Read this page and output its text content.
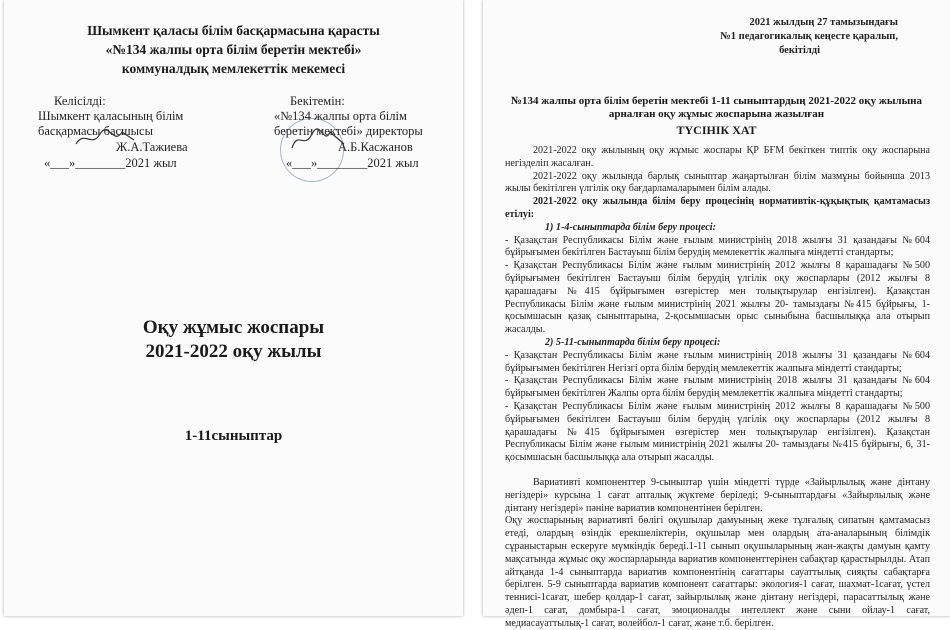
Шымкент қаласы білім басқармасына қарасты
«№134 жалпы орта білім беретін мектебі»
коммуналдық мемлекеттік мекемесі
Келісілді:
Шымкент қаласының білім
басқармасы басшысы
Ж.А.Тажиева
«___»________2021 жыл
Бекітемін:
«№134 жалпы орта білім
беретін мектебі» директоры
А.Б.Касжанов
«___»________2021 жыл
Оқу жұмыс жоспары
2021-2022 оқу жылы
1-11сыныптар
2021 жылдың 27 тамызындағы
№1 педагогикалық кеңесте қаралып,
бекітілді
№134 жалпы орта білім беретін мектебі 1-11 сыныптардың 2021-2022 оқу жылына
арналған оқу жұмыс жоспарына жазылған
ТҮСІНІК ХАТ

2021-2022 оқу жылының оқу жұмыс жоспары ҚР БҒМ бекіткен типтік оқу жоспарына негізделіп жасалған.

2021-2022 оқу жылында барлық сыныптар жаңартылған білім мазмұны бойынша 2013 жылы бекітілген үлгілік оқу бағдарламаларымен білім алады.

2021-2022 оқу жылында білім беру процесінің нормативтік-құқықтық қамтамасыз етілуі:

1) 1-4-сыныптарда білім беру процесі:

- Қазақстан Республикасы Білім және ғылым министрінің 2018 жылғы 31 қазандағы №604 бұйрығымен бекітілген Бастауыш білім берудің мемлекеттік жалпыға міндетті стандарты;

- Қазақстан Республикасы Білім және ғылым министрінің 2012 жылғы 8 қарашадағы №500 бұйрығымен бекітілген Бастауыш білім берудің үлгілік оқу жоспарлары (2012 жылғы 8 қарашадағы №415 бұйрығымен өзгерістер мен толықтырулар енгізілген). Қазақстан Республикасы Білім және ғылым министрінің 2021 жылғы 20- тамыздағы №415 бұйрығы, 1-қосымшасын қазақ сыныптарына, 2-қосымшасын орыс сыныбына басшылыққа ала отырып жасалды.

2) 5-11-сыныптарда білім беру процесі:

- Қазақстан Республикасы Білім және ғылым министрінің 2018 жылғы 31 қазандағы №604 бұйрығымен бекітілген Негізгі орта білім берудің мемлекеттік жалпыға міндетті стандарты;

- Қазақстан Республикасы Білім және ғылым министрінің 2018 жылғы 31 қазандағы №604 бұйрығымен бекітілген Жалпы орта білім берудің мемлекеттік жалпыға міндетті стандарты;

- Қазақстан Республикасы Білім және ғылым министрінің 2012 жылғы 8 қарашадағы №500 бұйрығымен бекітілген Бастауыш білім берудің үлгілік оқу жоспарлары (2012 жылғы 8 қарашадағы №415 бұйрығымен өзгерістер мен толықтырулар енгізілген). Қазақстан Республикасы Білім және ғылым министрінің 2021 жылғы 20- тамыздағы №415 бұйрығы, 6, 31-қосымшасын басшылыққа ала отырып жасалды.

Вариативті компоненттер 9-сыныптар үшін міндетті түрде «Зайырлылық және дінтану негіздері» курсына 1 сағат апталық жүктеме беріледі; 9-сыныптардағы «Зайырлылық және дінтану негіздері» пәніне вариатив компонентінен берілген.

Оқу жоспарының вариативті бөлігі оқушылар дамуының жеке тұлғалық сипатын қамтамасыз етеді, олардың өзіндік ерекшеліктерін, оқушылар мен олардың ата-аналарының білімдік сұраныстарын ескеруге мүмкіндік береді.1-11 сынып оқушыларының жан-жақты дамуын қамту мақсатында жұмыс оқу жоспарларында вариатив компоненттерінен сабақтар қарастырылды. Атап айтқанда 1-4 сыныптарда вариатив компонентінің сағаттары сауаттылық сияқты сабақтарға берілген. 5-9 сыныптарда вариатив компонент сағаттары: экология-1 сағат, шахмат-1сағат, үстел теннисі-1сағат, шебер қолдар-1 сағат, зайырлылық және дінтану негіздері, парасаттылық және әдеп-1 сағат, домбыра-1 сағат, эмоционалды интеллект және сыни ойлау-1 сағат, медиасауаттылық-1 сағат, волейбол-1 сағат, және т.б. берілген.
